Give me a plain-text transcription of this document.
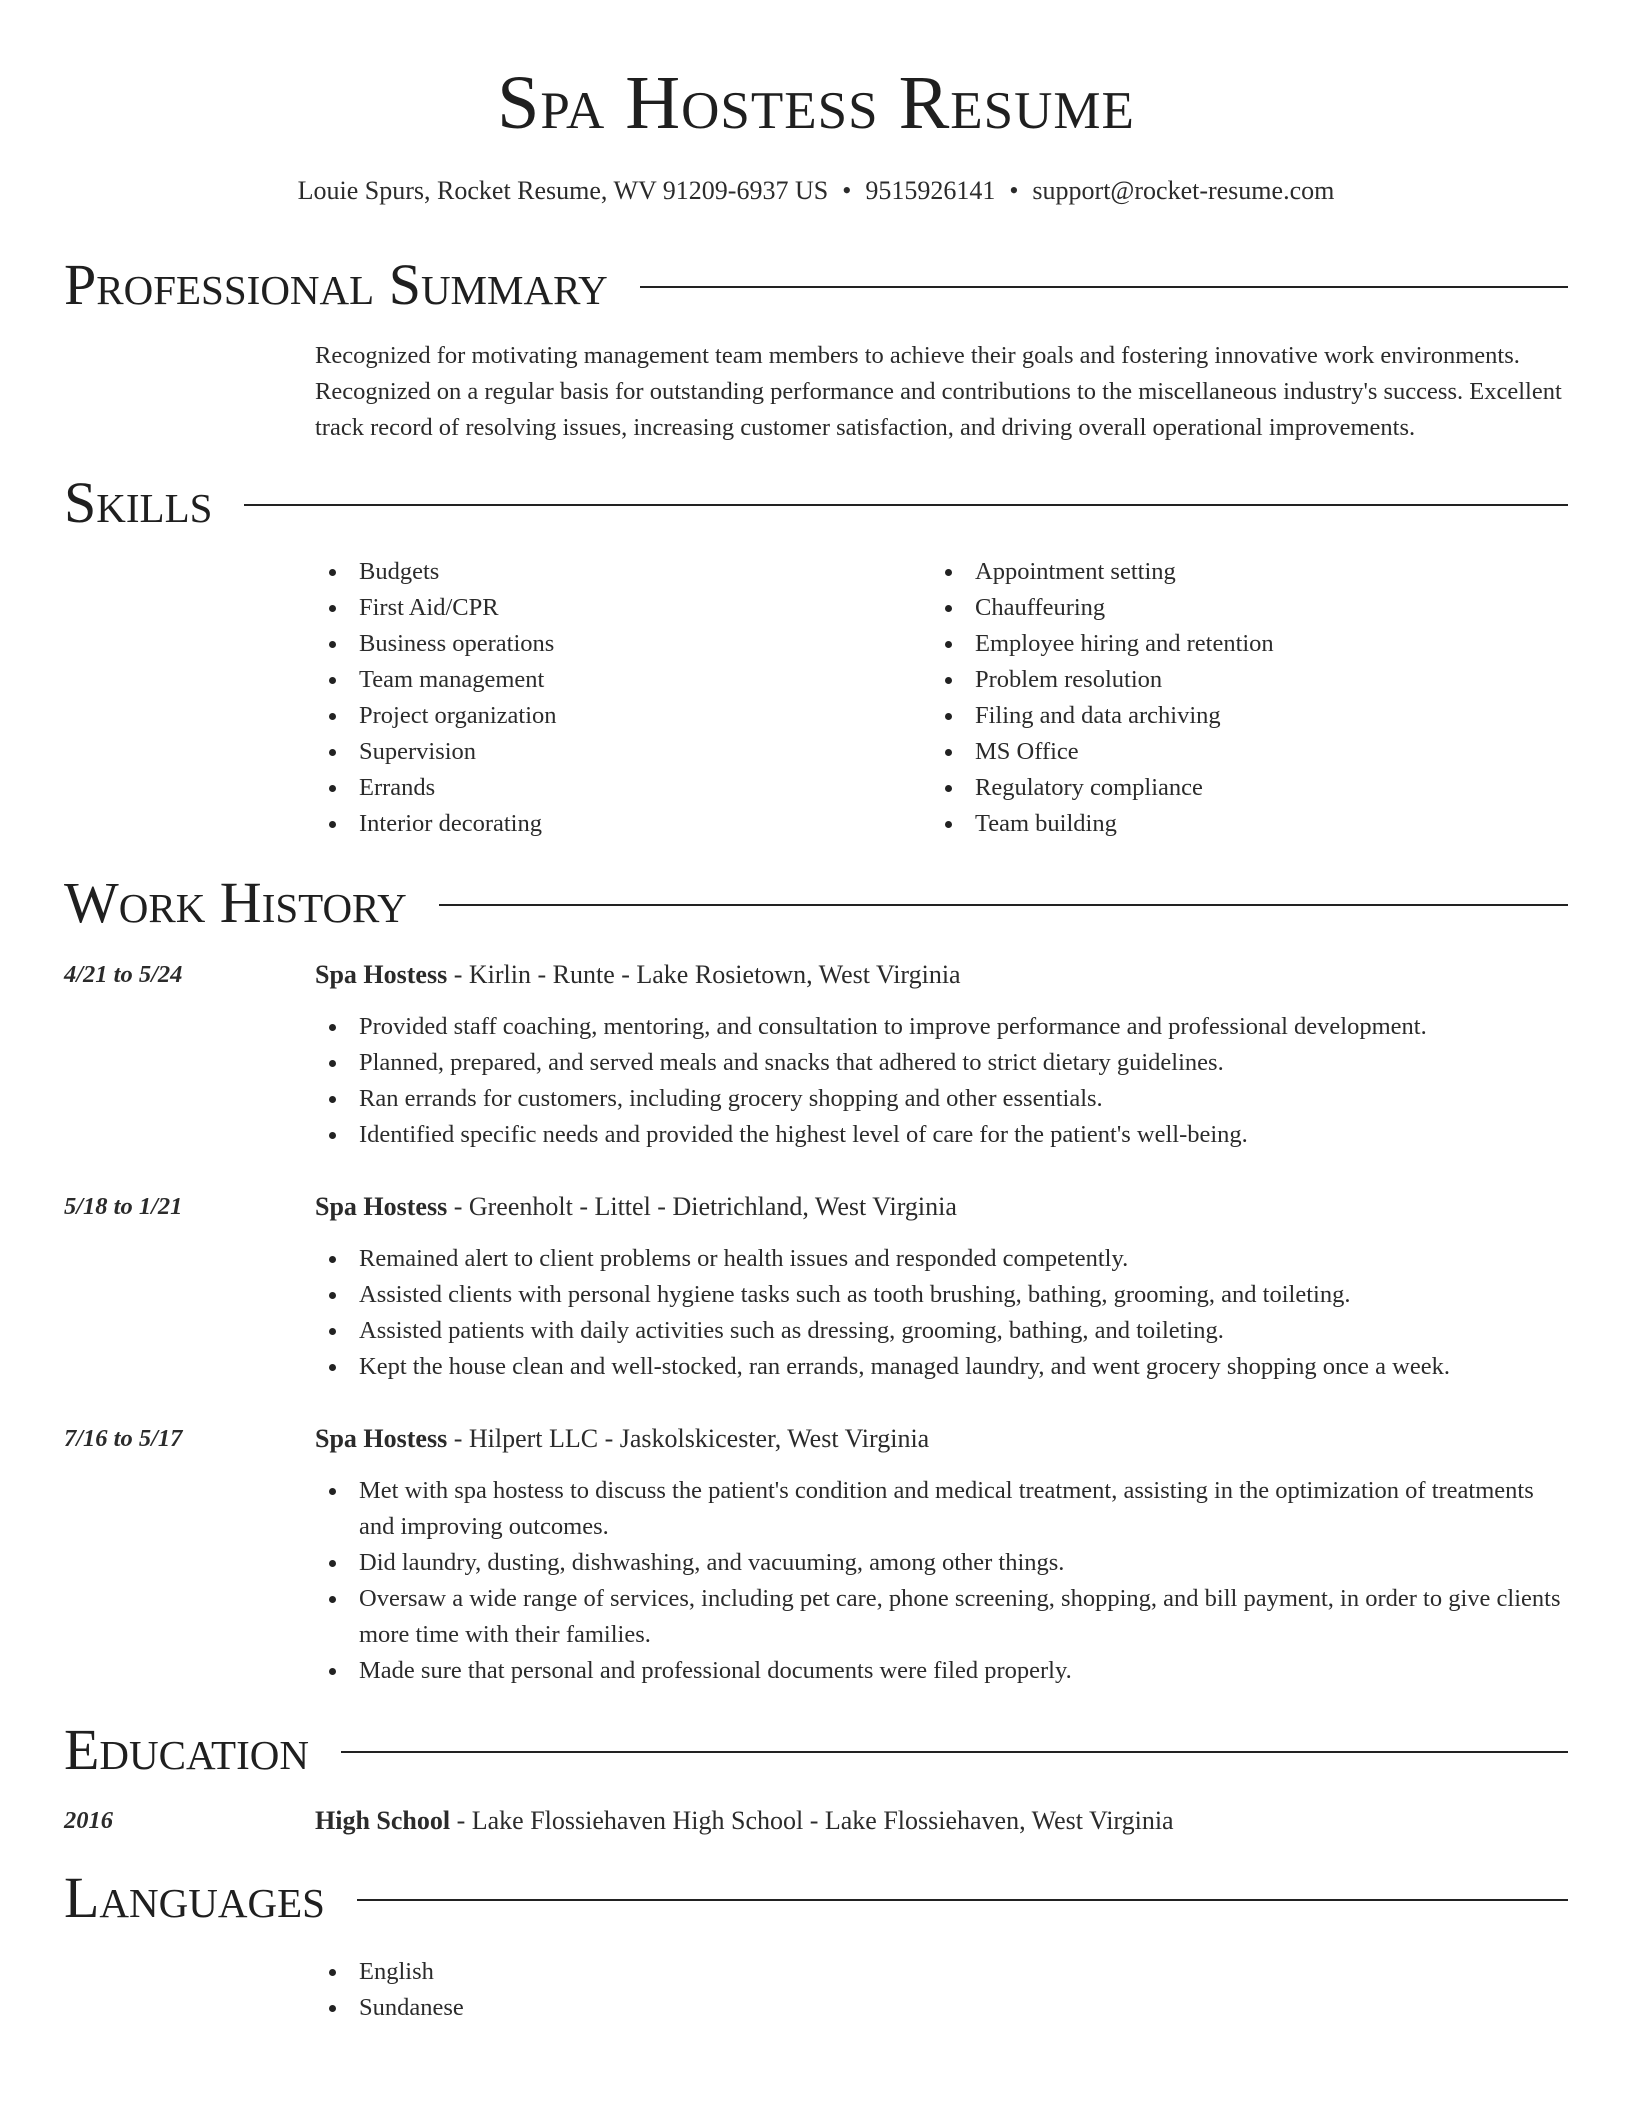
Spa Hostess Resume
Louie Spurs, Rocket Resume, WV 91209-6937 US • 9515926141 • support@rocket-resume.com
Professional Summary

Recognized for motivating management team members to achieve their goals and fostering innovative work environments. Recognized on a regular basis for outstanding performance and contributions to the miscellaneous industry's success. Excellent track record of resolving issues, increasing customer satisfaction, and driving overall operational improvements.

Skills
Budgets
First Aid/CPR
Business operations
Team management
Project organization
Supervision
Errands
Interior decorating
Appointment setting
Chauffeuring
Employee hiring and retention
Problem resolution
Filing and data archiving
MS Office
Regulatory compliance
Team building
Work History
4/21 to 5/24	Spa Hostess - Kirlin - Runte - Lake Rosietown, West Virginia
Provided staff coaching, mentoring, and consultation to improve performance and professional development.
Planned, prepared, and served meals and snacks that adhered to strict dietary guidelines.
Ran errands for customers, including grocery shopping and other essentials.
Identified specific needs and provided the highest level of care for the patient's well-being.
5/18 to 1/21	Spa Hostess - Greenholt - Littel - Dietrichland, West Virginia
Remained alert to client problems or health issues and responded competently.
Assisted clients with personal hygiene tasks such as tooth brushing, bathing, grooming, and toileting.
Assisted patients with daily activities such as dressing, grooming, bathing, and toileting.
Kept the house clean and well-stocked, ran errands, managed laundry, and went grocery shopping once a week.
7/16 to 5/17	Spa Hostess - Hilpert LLC - Jaskolskicester, West Virginia
Met with spa hostess to discuss the patient's condition and medical treatment, assisting in the optimization of treatments and improving outcomes.
Did laundry, dusting, dishwashing, and vacuuming, among other things.
Oversaw a wide range of services, including pet care, phone screening, shopping, and bill payment, in order to give clients more time with their families.
Made sure that personal and professional documents were filed properly.
Education
2016	High School - Lake Flossiehaven High School - Lake Flossiehaven, West Virginia
Languages
English
Sundanese
